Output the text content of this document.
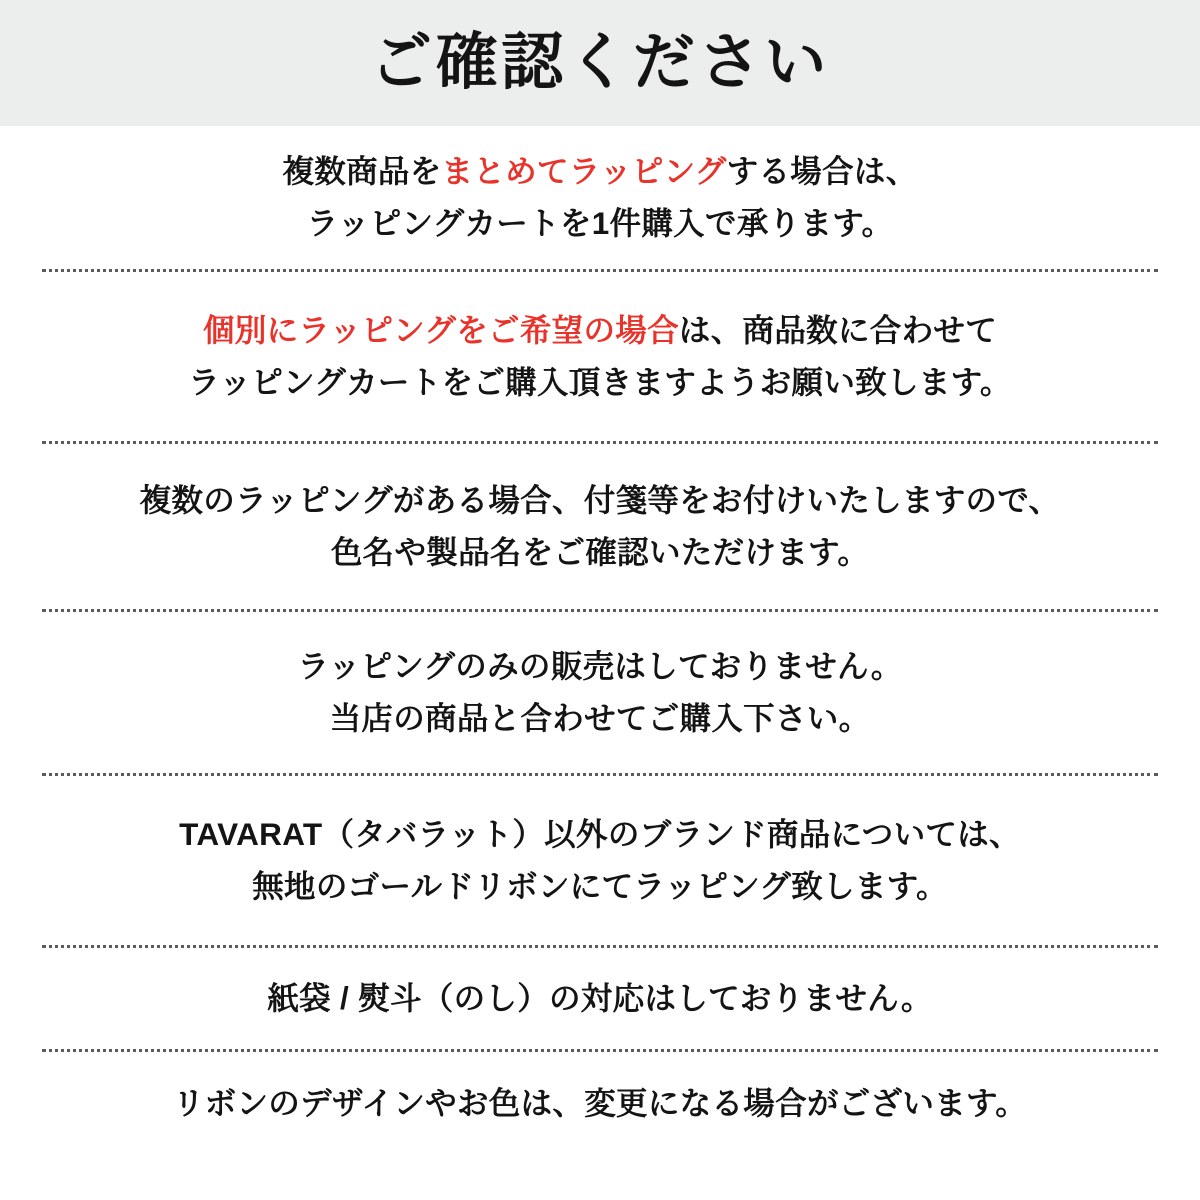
ご確認ください
複数商品をまとめてラッピングする場合は、
ラッピングカートを1件購入で承ります。
個別にラッピングをご希望の場合は、商品数に合わせて
ラッピングカートをご購入頂きますようお願い致します。
複数のラッピングがある場合、付箋等をお付けいたしますので、
色名や製品名をご確認いただけます。
ラッピングのみの販売はしておりません。
当店の商品と合わせてご購入下さい。
TAVARAT（タバラット）以外のブランド商品については、
無地のゴールドリボンにてラッピング致します。
紙袋 / 熨斗（のし）の対応はしておりません。
リボンのデザインやお色は、変更になる場合がございます。
